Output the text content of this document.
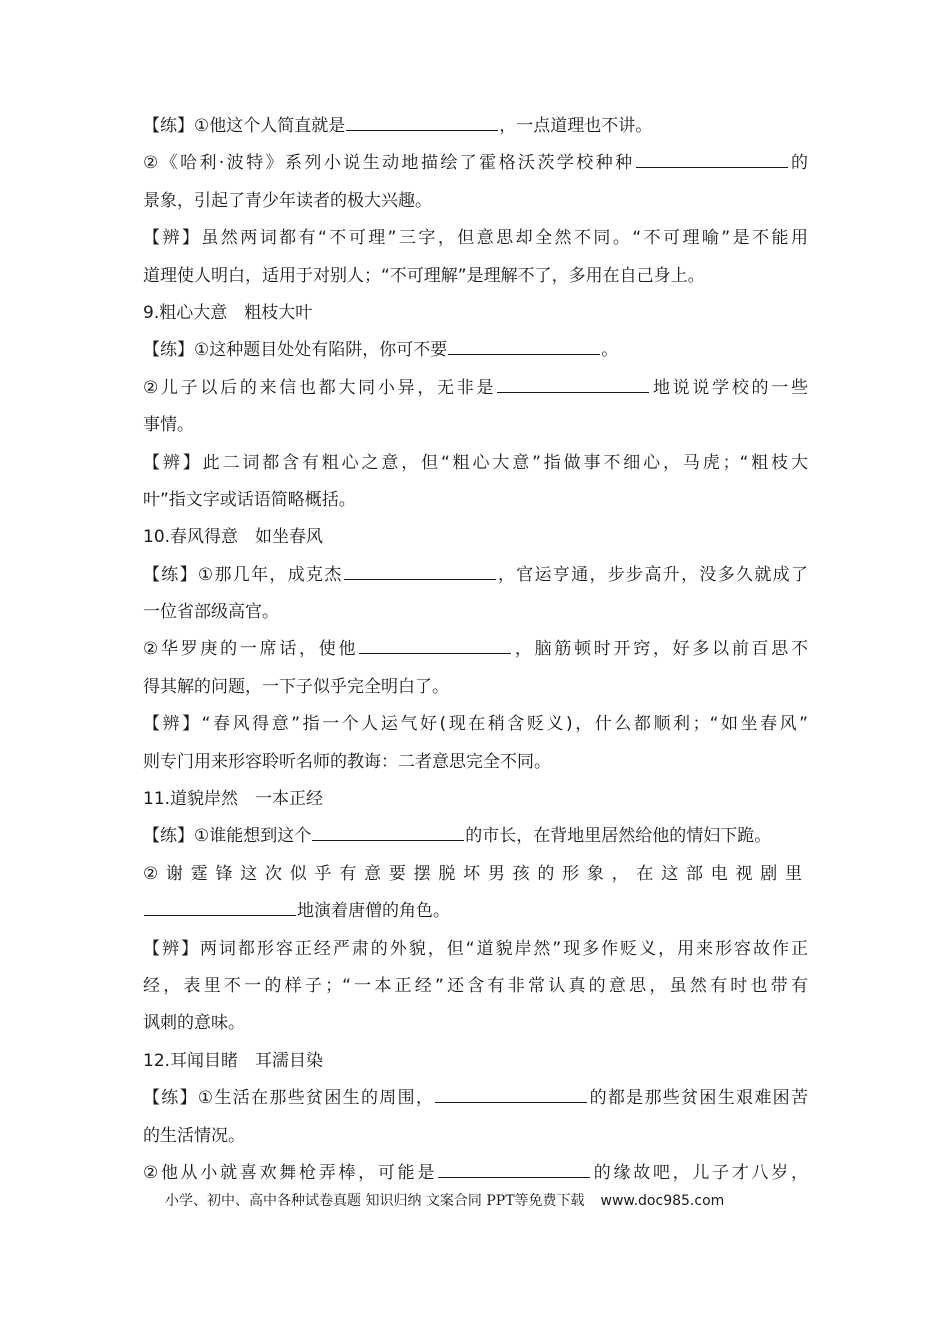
【练】①他这个人简直就是	，一点道理也不讲。
②《哈利·波特》系列小说生动地描绘了霍格沃茨学校种种	的
景象，引起了青少年读者的极大兴趣。
【辨】虽然两词都有“不可理”三字，但意思却全然不同。“不可理喻”是不能用
道理使人明白，适用于对别人；“不可理解”是理解不了，多用在自己身上。
9.粗心大意　粗枝大叶
【练】①这种题目处处有陷阱，你可不要	。
②儿子以后的来信也都大同小异，无非是	地说说学校的一些
事情。
【辨】此二词都含有粗心之意，但“粗心大意”指做事不细心，马虎；“粗枝大
叶”指文字或话语简略概括。
10.春风得意　如坐春风
【练】①那几年，成克杰	，官运亨通，步步高升，没多久就成了
一位省部级高官。
②华罗庚的一席话，使他	，脑筋顿时开窍，好多以前百思不
得其解的问题，一下子似乎完全明白了。
【辨】“春风得意”指一个人运气好(现在稍含贬义)，什么都顺利；“如坐春风”
则专门用来形容聆听名师的教诲：二者意思完全不同。
11.道貌岸然　一本正经
【练】①谁能想到这个	的市长，在背地里居然给他的情妇下跪。
②谢霆锋这次似乎有意要摆脱坏男孩的形象，在这部电视剧里
地演着唐僧的角色。
【辨】两词都形容正经严肃的外貌，但“道貌岸然”现多作贬义，用来形容故作正
经，表里不一的样子；“一本正经”还含有非常认真的意思，虽然有时也带有
讽刺的意味。
12.耳闻目睹　耳濡目染
【练】①生活在那些贫困生的周围，	的都是那些贫困生艰难困苦
的生活情况。
②他从小就喜欢舞枪弄棒，可能是	的缘故吧，儿子才八岁，
小学、初中、高中各种试卷真题 知识归纳 文案合同 PPT等免费下载 www.doc985.com
